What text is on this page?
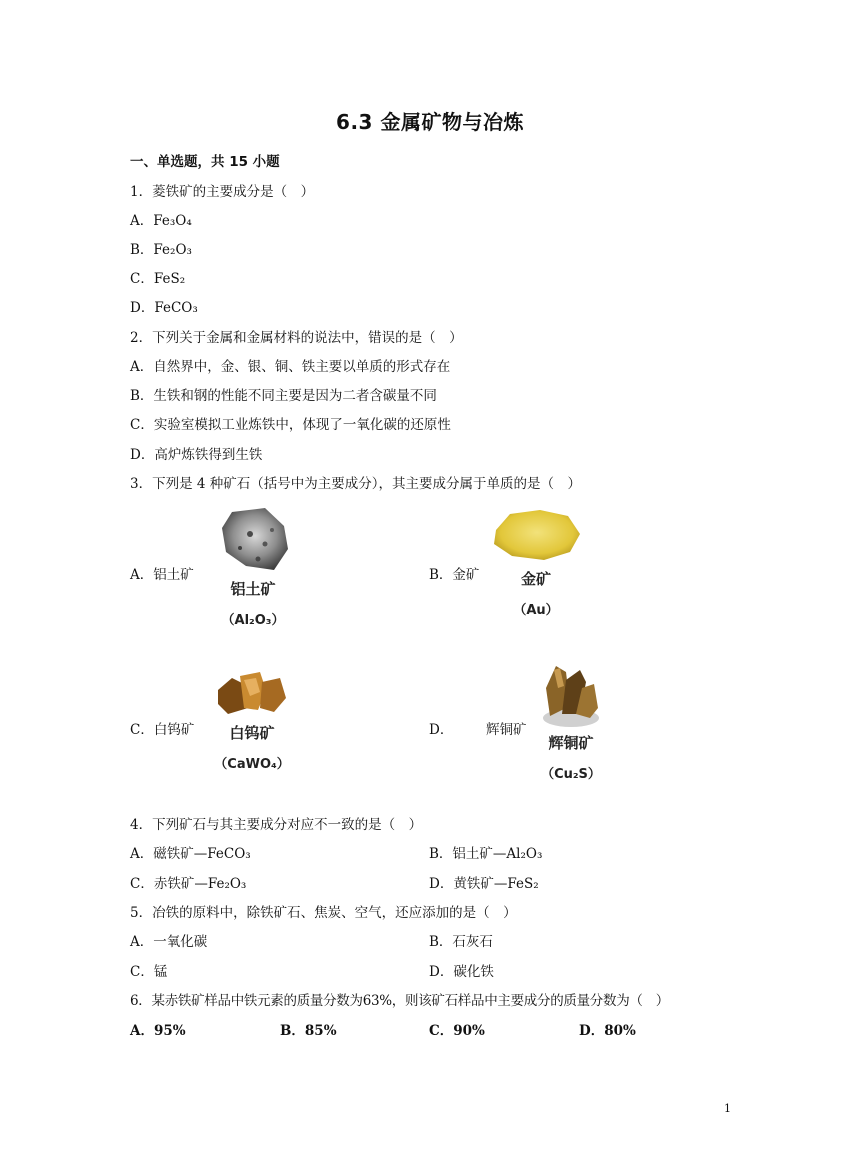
6.3 金属矿物与冶炼
一、单选题，共 15 小题
1．菱铁矿的主要成分是（　）
A．Fe₃O₄
B．Fe₂O₃
C．FeS₂
D．FeCO₃
2．下列关于金属和金属材料的说法中，错误的是（　）
A．自然界中，金、银、铜、铁主要以单质的形式存在
B．生铁和钢的性能不同主要是因为二者含碳量不同
C．实验室模拟工业炼铁中，体现了一氧化碳的还原性
D．高炉炼铁得到生铁
3．下列是 4 种矿石（括号中为主要成分），其主要成分属于单质的是（　）
A．铝土矿
铝土矿
（Al₂O₃）
B．金矿	金矿
（Au）
C．白钨矿	白钨矿
（CaWO₄）
D． 辉铜矿
辉铜矿
（Cu₂S）
4．下列矿石与其主要成分对应不一致的是（　）
A．磁铁矿—FeCO₃	B．铝土矿—Al₂O₃
C．赤铁矿—Fe₂O₃	D．黄铁矿—FeS₂
5．冶铁的原料中，除铁矿石、焦炭、空气，还应添加的是（　）
A．一氧化碳	B．石灰石
C．锰	D．碳化铁
6．某赤铁矿样品中铁元素的质量分数为63%，则该矿石样品中主要成分的质量分数为（　）
A．95%	B．85%	C．90%	D．80%
1
